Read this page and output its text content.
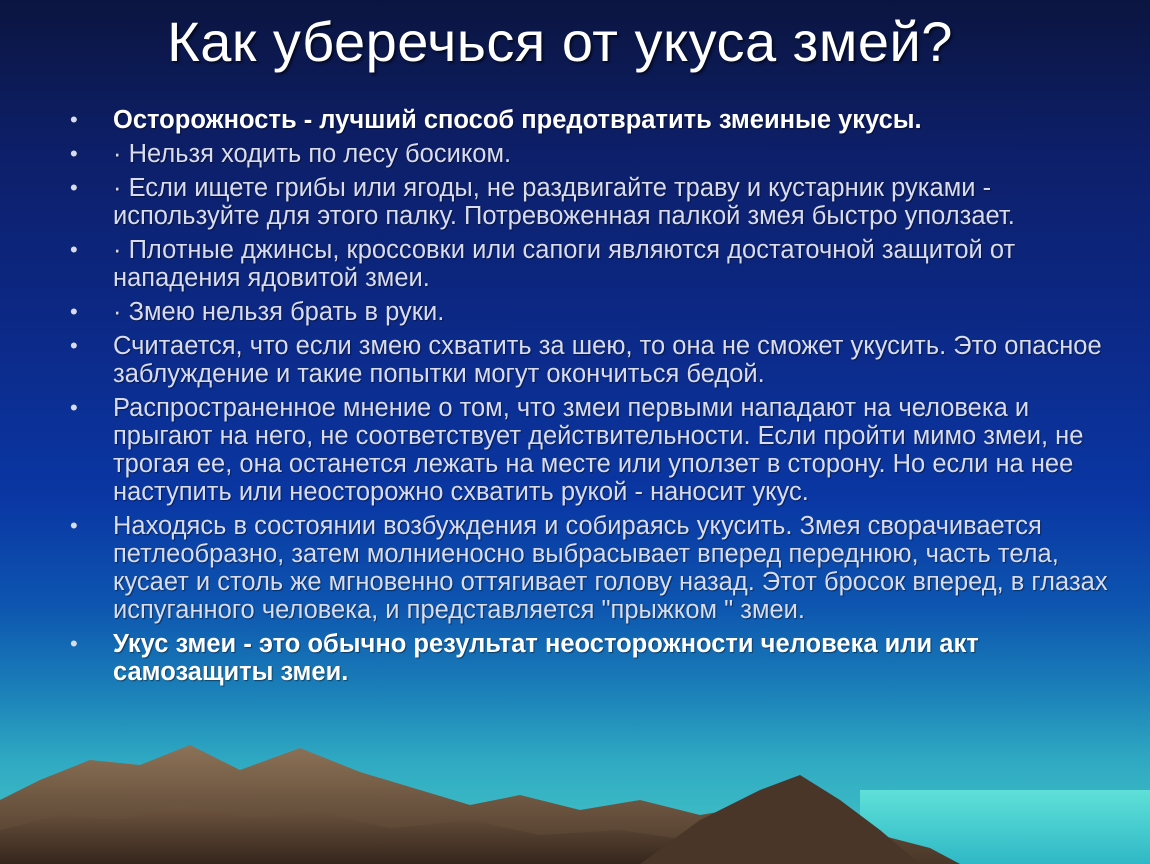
Как уберечься от укуса змей?
•	Осторожность - лучший способ предотвратить змеиные укусы.
•	· Нельзя ходить по лесу босиком.
•	· Если ищете грибы или ягоды, не раздвигайте траву и кустарник руками - используйте для этого палку. Потревоженная палкой змея быстро уползает.
•	· Плотные джинсы, кроссовки или сапоги являются достаточной защитой от нападения ядовитой змеи.
•	· Змею нельзя брать в руки.
•	Считается, что если змею схватить за шею, то она не сможет укусить. Это опасное заблуждение и такие попытки могут окончиться бедой.
•	Распространенное мнение о том, что змеи первыми нападают на человека и прыгают на него, не соответствует действительности. Если пройти мимо змеи, не трогая ее, она останется лежать на месте или уползет в сторону. Но если на нее наступить или неосторожно схватить рукой - наносит укус.
•	Находясь в состоянии возбуждения и собираясь укусить. Змея сворачивается петлеобразно, затем молниеносно выбрасывает вперед переднюю, часть тела, кусает и столь же мгновенно оттягивает голову назад. Этот бросок вперед, в глазах испуганного человека, и представляется "прыжком " змеи.
•	Укус змеи - это обычно результат неосторожности человека или акт самозащиты змеи.
